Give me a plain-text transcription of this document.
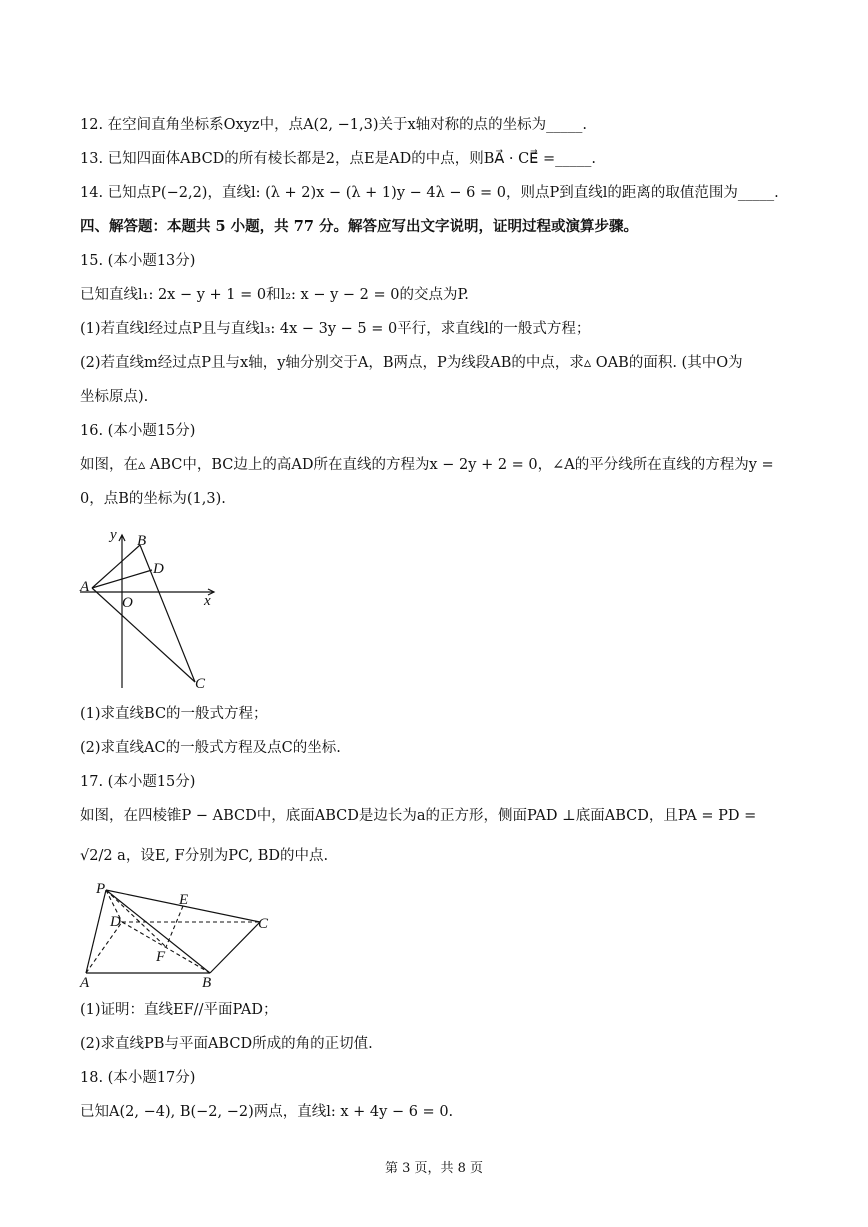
12. 在空间直角坐标系Oxyz中，点A(2, −1,3)关于x轴对称的点的坐标为_____.
13. 已知四面体ABCD的所有棱长都是2，点E是AD的中点，则BA⃗ · CE⃗ =_____.
14. 已知点P(−2,2)，直线l: (λ + 2)x − (λ + 1)y − 4λ − 6 = 0，则点P到直线l的距离的取值范围为_____.
四、解答题：本题共 5 小题，共 77 分。解答应写出文字说明，证明过程或演算步骤。
15. (本小题13分)
已知直线l₁: 2x − y + 1 = 0和l₂: x − y − 2 = 0的交点为P.
(1)若直线l经过点P且与直线l₃: 4x − 3y − 5 = 0平行，求直线l的一般式方程；
(2)若直线m经过点P且与x轴，y轴分别交于A，B两点，P为线段AB的中点，求▵ OAB的面积. (其中O为
坐标原点).
16. (本小题15分)
如图，在▵ ABC中，BC边上的高AD所在直线的方程为x − 2y + 2 = 0，∠A的平分线所在直线的方程为y =
0，点B的坐标为(1,3).
y
x
B
D
A
O
C
(1)求直线BC的一般式方程；
(2)求直线AC的一般式方程及点C的坐标.
17. (本小题15分)
如图，在四棱锥P − ABCD中，底面ABCD是边长为a的正方形，侧面PAD ⊥底面ABCD，且PA = PD =
√2/2 a，设E, F分别为PC, BD的中点.
P
E
D	C
F
A	B
(1)证明：直线EF//平面PAD；
(2)求直线PB与平面ABCD所成的角的正切值.
18. (本小题17分)
已知A(2, −4), B(−2, −2)两点，直线l: x + 4y − 6 = 0.
第 3 页，共 8 页
